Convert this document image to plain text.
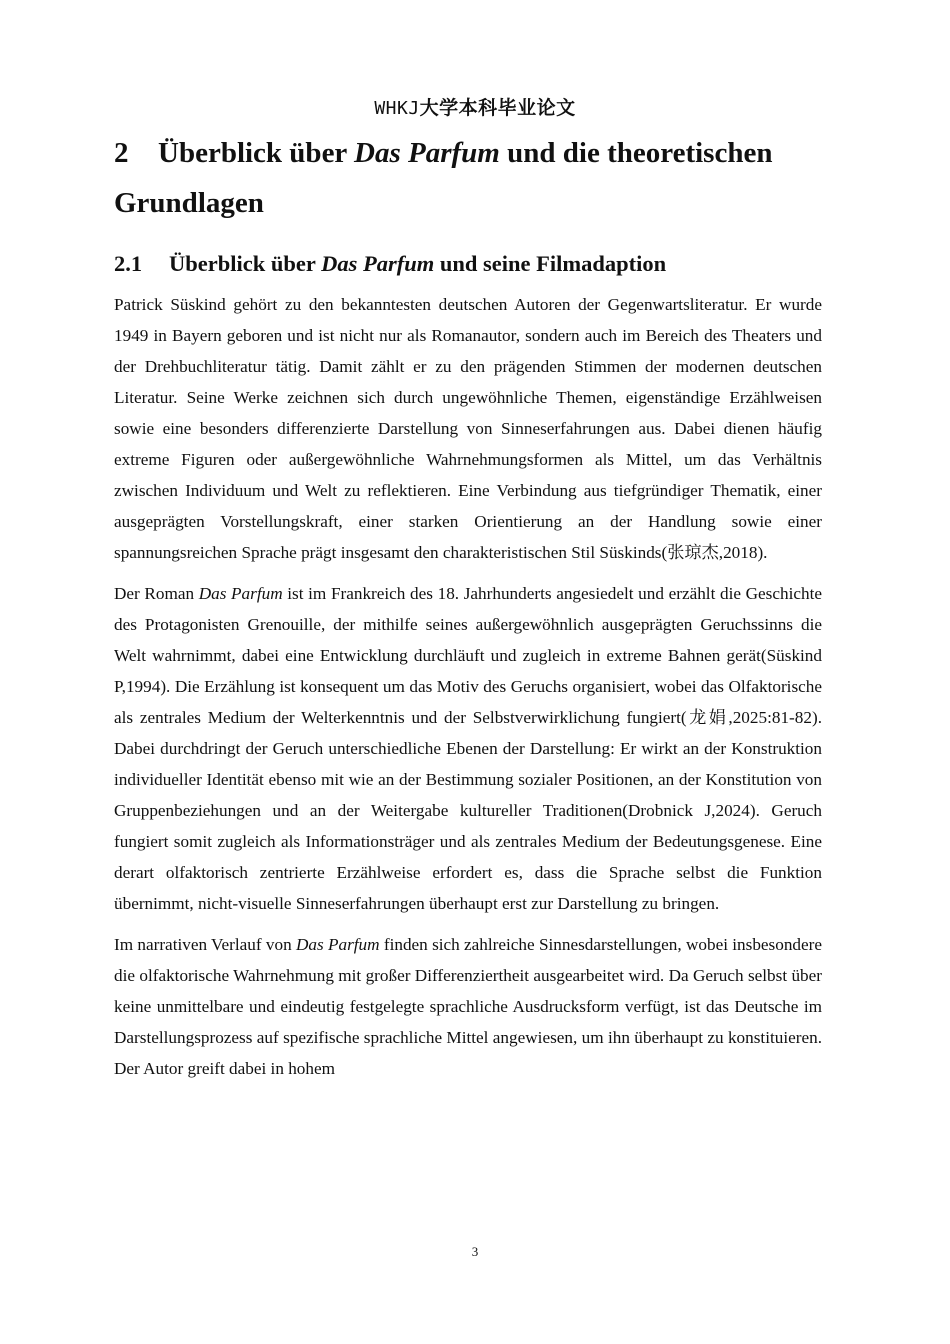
WHKJ大学本科毕业论文
2 Überblick über Das Parfum und die theoretischen Grundlagen
2.1 Überblick über Das Parfum und seine Filmadaption

Patrick Süskind gehört zu den bekanntesten deutschen Autoren der Gegenwartsliteratur. Er wurde 1949 in Bayern geboren und ist nicht nur als Romanautor, sondern auch im Bereich des Theaters und der Drehbuchliteratur tätig. Damit zählt er zu den prägenden Stimmen der modernen deutschen Literatur. Seine Werke zeichnen sich durch ungewöhnliche Themen, eigenständige Erzählweisen sowie eine besonders differenzierte Darstellung von Sinneserfahrungen aus. Dabei dienen häufig extreme Figuren oder außergewöhnliche Wahrnehmungsformen als Mittel, um das Verhältnis zwischen Individuum und Welt zu reflektieren. Eine Verbindung aus tiefgründiger Thematik, einer ausgeprägten Vorstellungskraft, einer starken Orientierung an der Handlung sowie einer spannungsreichen Sprache prägt insgesamt den charakteristischen Stil Süskinds(张琼杰,2018).

Der Roman Das Parfum ist im Frankreich des 18. Jahrhunderts angesiedelt und erzählt die Geschichte des Protagonisten Grenouille, der mithilfe seines außergewöhnlich ausgeprägten Geruchssinns die Welt wahrnimmt, dabei eine Entwicklung durchläuft und zugleich in extreme Bahnen gerät(Süskind P,1994). Die Erzählung ist konsequent um das Motiv des Geruchs organisiert, wobei das Olfaktorische als zentrales Medium der Welterkenntnis und der Selbstverwirklichung fungiert(龙娟,2025:81-82). Dabei durchdringt der Geruch unterschiedliche Ebenen der Darstellung: Er wirkt an der Konstruktion individueller Identität ebenso mit wie an der Bestimmung sozialer Positionen, an der Konstitution von Gruppenbeziehungen und an der Weitergabe kultureller Traditionen(Drobnick J,2024). Geruch fungiert somit zugleich als Informationsträger und als zentrales Medium der Bedeutungsgenese. Eine derart olfaktorisch zentrierte Erzählweise erfordert es, dass die Sprache selbst die Funktion übernimmt, nicht-visuelle Sinneserfahrungen überhaupt erst zur Darstellung zu bringen.

Im narrativen Verlauf von Das Parfum finden sich zahlreiche Sinnesdarstellungen, wobei insbesondere die olfaktorische Wahrnehmung mit großer Differenziertheit ausgearbeitet wird. Da Geruch selbst über keine unmittelbare und eindeutig festgelegte sprachliche Ausdrucksform verfügt, ist das Deutsche im Darstellungsprozess auf spezifische sprachliche Mittel angewiesen, um ihn überhaupt zu konstituieren. Der Autor greift dabei in hohem

3
